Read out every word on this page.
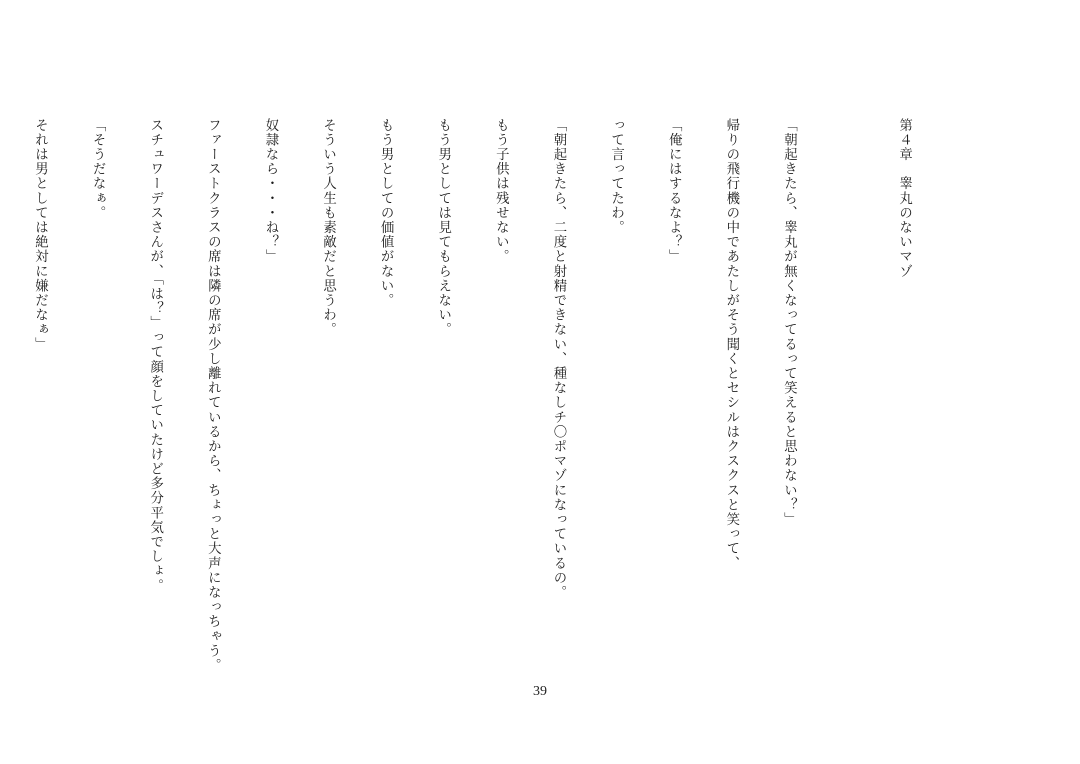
第４章　睾丸のないマゾ

「朝起きたら、睾丸が無くなってるって笑えると思わない？」

帰りの飛行機の中であたしがそう聞くとセシルはクスクスと笑って、

「俺にはするなよ？」

って言ってたわ。

「朝起きたら、二度と射精できない、種なしチ〇ポマゾになっているの。

もう子供は残せない。

もう男としては見てもらえない。

もう男としての価値がない。

そういう人生も素敵だと思うわ。

奴隷なら・・・ね？」

ファーストクラスの席は隣の席が少し離れているから、ちょっと大声になっちゃう。

スチュワーデスさんが、「は？」って顔をしていたけど多分平気でしょ。

「そうだなぁ。

それは男としては絶対に嫌だなぁ」

39
